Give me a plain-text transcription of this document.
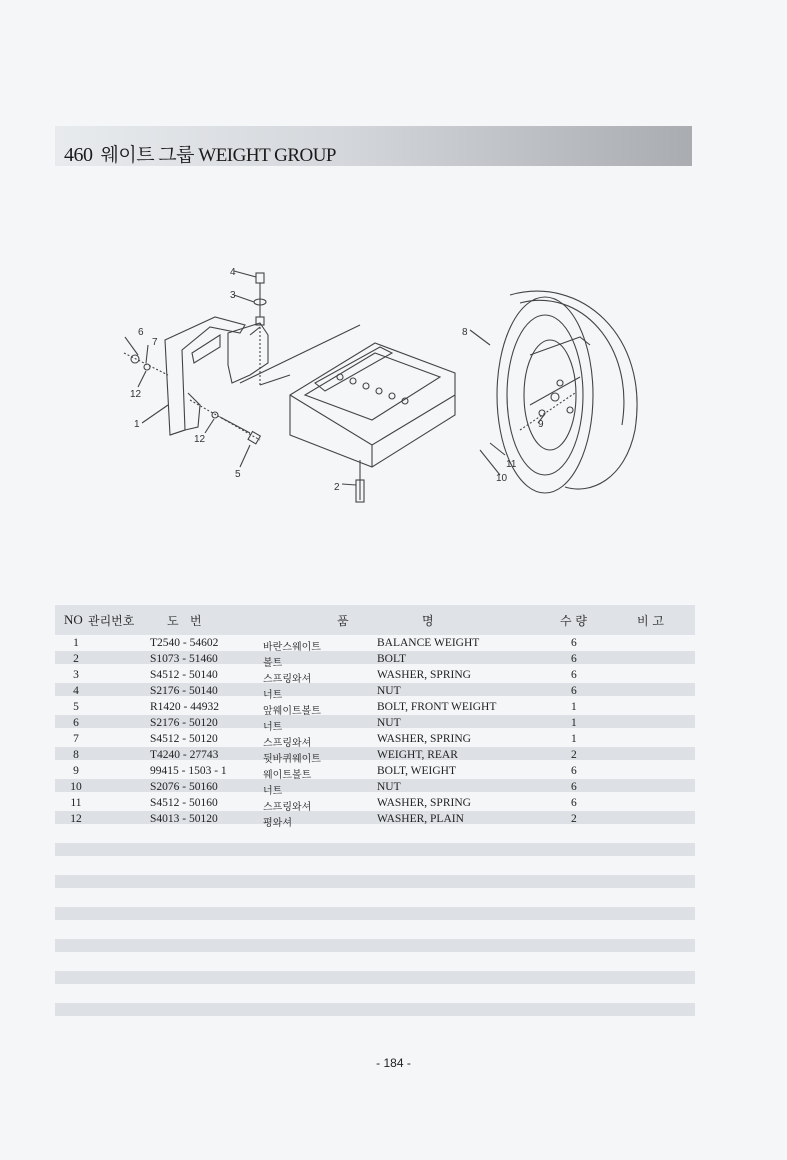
460 웨이트 그룹 WEIGHT GROUP
4
3
6
7
12
1
12
5
2
8
9
11
10
NO 관리번호	도   번	품	명	수 량	비 고
1	T2540 - 54602	바란스웨이트	BALANCE WEIGHT	6
2	S1073 - 51460	볼트	BOLT	6
3	S4512 - 50140	스프링와셔	WASHER, SPRING	6
4	S2176 - 50140	너트	NUT	6
5	R1420 - 44932	앞웨이트볼트	BOLT, FRONT WEIGHT	1
6	S2176 - 50120	너트	NUT	1
7	S4512 - 50120	스프링와셔	WASHER, SPRING	1
8	T4240 - 27743	뒷바퀴웨이트	WEIGHT, REAR	2
9	99415 - 1503 - 1	웨이트볼트	BOLT, WEIGHT	6
10	S2076 - 50160	너트	NUT	6
11	S4512 - 50160	스프링와셔	WASHER, SPRING	6
12	S4013 - 50120	평와셔	WASHER, PLAIN	2
- 184 -
